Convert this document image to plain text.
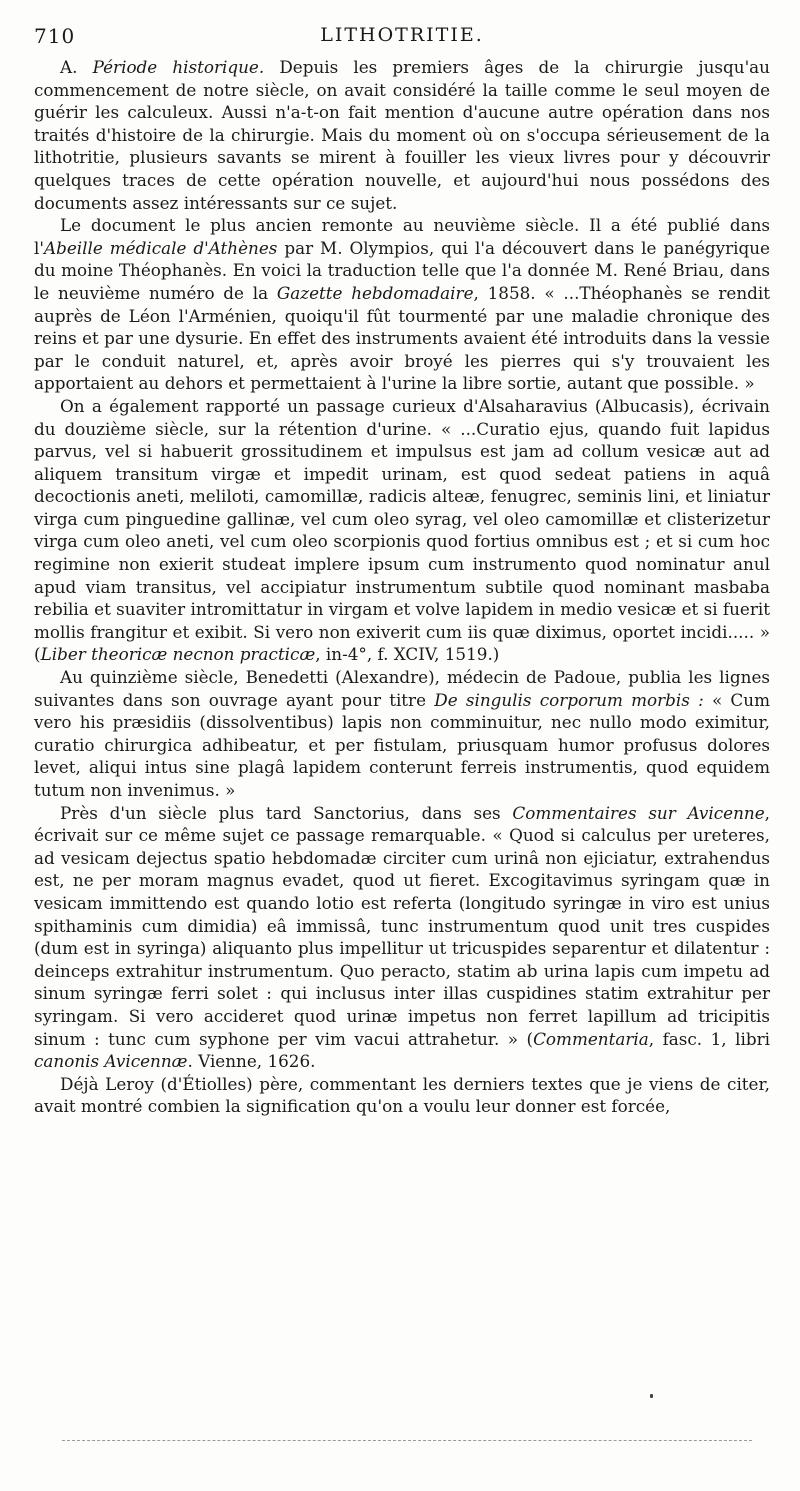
710	LITHOTRITIE.

A. Période historique. Depuis les premiers âges de la chirurgie jusqu'au commencement de notre siècle, on avait considéré la taille comme le seul moyen de guérir les calculeux. Aussi n'a-t-on fait mention d'aucune autre opération dans nos traités d'histoire de la chirurgie. Mais du moment où on s'occupa sérieusement de la lithotritie, plusieurs savants se mirent à fouiller les vieux livres pour y découvrir quelques traces de cette opération nouvelle, et aujourd'hui nous possédons des documents assez intéressants sur ce sujet.

Le document le plus ancien remonte au neuvième siècle. Il a été publié dans l'Abeille médicale d'Athènes par M. Olympios, qui l'a découvert dans le panégyrique du moine Théophanès. En voici la traduction telle que l'a donnée M. René Briau, dans le neuvième numéro de la Gazette hebdomadaire, 1858. « ...Théophanès se rendit auprès de Léon l'Arménien, quoiqu'il fût tourmenté par une maladie chronique des reins et par une dysurie. En effet des instruments avaient été introduits dans la vessie par le conduit naturel, et, après avoir broyé les pierres qui s'y trouvaient les apportaient au dehors et permettaient à l'urine la libre sortie, autant que possible. »

On a également rapporté un passage curieux d'Alsaharavius (Albucasis), écrivain du douzième siècle, sur la rétention d'urine. « ...Curatio ejus, quando fuit lapidus parvus, vel si habuerit grossitudinem et impulsus est jam ad collum vesicæ aut ad aliquem transitum virgæ et impedit urinam, est quod sedeat patiens in aquâ decoctionis aneti, meliloti, camomillæ, radicis alteæ, fenugrec, seminis lini, et liniatur virga cum pinguedine gallinæ, vel cum oleo syrag, vel oleo camomillæ et clisterizetur virga cum oleo aneti, vel cum oleo scorpionis quod fortius omnibus est ; et si cum hoc regimine non exierit studeat implere ipsum cum instrumento quod nominatur anul apud viam transitus, vel accipiatur instrumentum subtile quod nominant masbaba rebilia et suaviter intromittatur in virgam et volve lapidem in medio vesicæ et si fuerit mollis frangitur et exibit. Si vero non exiverit cum iis quæ diximus, oportet incidi..... » (Liber theoricæ necnon practicæ, in-4°, f. XCIV, 1519.)

Au quinzième siècle, Benedetti (Alexandre), médecin de Padoue, publia les lignes suivantes dans son ouvrage ayant pour titre De singulis corporum morbis : « Cum vero his præsidiis (dissolventibus) lapis non comminuitur, nec nullo modo eximitur, curatio chirurgica adhibeatur, et per fistulam, priusquam humor profusus dolores levet, aliqui intus sine plagâ lapidem conterunt ferreis instrumentis, quod equidem tutum non invenimus. »

Près d'un siècle plus tard Sanctorius, dans ses Commentaires sur Avicenne, écrivait sur ce même sujet ce passage remarquable. « Quod si calculus per ureteres, ad vesicam dejectus spatio hebdomadæ circiter cum urinâ non ejiciatur, extrahendus est, ne per moram magnus evadet, quod ut fieret. Excogitavimus syringam quæ in vesicam immittendo est quando lotio est referta (longitudo syringæ in viro est unius spithaminis cum dimidia) eâ immissâ, tunc instrumentum quod unit tres cuspides (dum est in syringa) aliquanto plus impellitur ut tricuspides separentur et dilatentur : deinceps extrahitur instrumentum. Quo peracto, statim ab urina lapis cum impetu ad sinum syringæ ferri solet : qui inclusus inter illas cuspidines statim extrahitur per syringam. Si vero accideret quod urinæ impetus non ferret lapillum ad tricipitis sinum : tunc cum syphone per vim vacui attrahetur. » (Commentaria, fasc. 1, libri canonis Avicennæ. Vienne, 1626.

Déjà Leroy (d'Étiolles) père, commentant les derniers textes que je viens de citer, avait montré combien la signification qu'on a voulu leur donner est forcée,
